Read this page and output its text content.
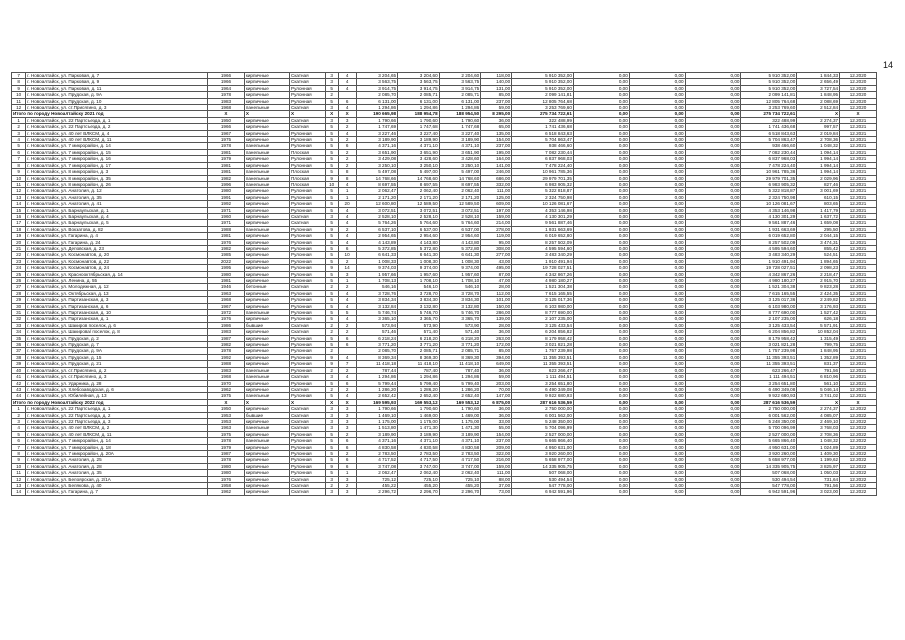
14
7	г. Новоалтайск, ул. Парковая, д. 7	1966	кирпичные	Скатная	3	4	3 204,65	3 204,60	2 204,60	118,00	5 910 352,00	0,00	0,00	0,00	5 910 352,00	1 844,33	12.2020
8	г. Новоалтайск, ул. Парковая, д. 9	1966	кирпичные	Скатная	3	4	3 563,75	3 563,75	3 563,75	140,00	5 910 352,00	0,00	0,00	0,00	5 910 352,00	2 656,49	12.2020
9	г. Новоалтайск, ул. Парковая, д. 11	1964	кирпичные	Рулонная	5	4	3 914,75	3 914,75	3 914,75	131,00	5 910 352,00	0,00	0,00	0,00	5 910 352,00	3 727,54	12.2020
10	г. Новоалтайск, ул. Прудская, д. 9А	1978	кирпичные	Рулонная	2		2 085,70	2 085,71	2 085,71	85,00	2 099 141,81	0,00	0,00	0,00	2 099 141,81	1 848,95	12.2020
11	г. Новоалтайск, ул. Прудская, д. 10	1983	кирпичные	Рулонная	5	6	6 131,00	6 131,00	6 131,00	237,00	12 805 764,68	0,00	0,00	0,00	12 805 764,68	2 088,69	12.2020
12	г. Новоалтайск, ул. ст.Присягино, д. 3	1968	панельные	Скатная	3	4	1 294,86	1 294,86	1 294,86	59,00	3 253 769,60	0,00	0,00	0,00	3 253 769,60	2 512,84	12.2020
Итого по городу Новоалтайску 2021 год		X	X	X	X	X	190 665,98	188 954,78	188 954,50	8 295,00	275 734 722,61	0,00	0,00	0,00	275 734 722,61	X	X
1	г. Новоалтайск, ул. 22 Партсъезда, д. 1	1950	кирпичные	Скатная	3	3	1 790,66	1 790,60	1 790,60	36,00	322 488,99	0,00	0,00	0,00	322 488,99	2 274,37	12.2021
2	г. Новоалтайск, ул. 22 Партсъезда, д. 2	1966	кирпичные	Скатная	5	2	1 747,69	1 747,68	1 747,68	65,00	1 741 436,68	0,00	0,00	0,00	1 741 436,68	997,57	12.2021
3	г. Новоалтайск, ул. 40 лет ВЛКСМ, д. 4	1967	кирпичные	Рулонная	5	4	3 227,46	3 227,40	3 227,40	135,00	6 518 843,63	0,00	0,00	0,00	6 518 843,63	2 019,84	12.2021
4	г. Новоалтайск, ул. 40 лет ВЛКСМ, д. 11	1975	кирпичные	Рулонная	5	2	3 189,90	3 189,90	3 189,90	154,00	5 704 863,47	0,00	0,00	0,00	5 704 863,47	2 708,36	12.2021
5	г. Новоалтайск, ул. 7 микрорайон, д. 14	1978	панельные	Рулонная	5	6	4 371,16	4 371,10	4 371,10	237,00	938 466,60	0,00	0,00	0,00	938 466,60	1 048,32	12.2021
6	г. Новоалтайск, ул. 7 микрорайон, д. 15	1981	панельные	Плоская	5	2	3 651,90	3 651,90	3 651,90	195,00	7 082 230,44	0,00	0,00	0,00	7 082 230,44	1 094,14	12.2021
7	г. Новоалтайск, ул. 7 микрорайон, д. 16	1979	кирпичные	Рулонная	5	2	3 429,08	3 428,60	3 428,60	164,00	6 837 968,03	0,00	0,00	0,00	6 837 968,03	1 994,14	12.2021
8	г. Новоалтайск, ул. 7 микрорайон, д. 17	1981	кирпичные	Рулонная	5	2	3 250,10	3 250,10	3 250,10	141,00	7 478 224,40	0,00	0,00	0,00	7 478 224,40	1 994,14	12.2021
9	г. Новоалтайск, ул. 8 микрорайон, д. 3	1981	панельные	Плоская	5	8	5 497,08	5 497,00	5 497,00	246,00	10 961 785,36	0,00	0,00	0,00	10 961 785,36	1 994,14	12.2021
10	г. Новоалтайск, ул. 8 микрорайон, д. 35	1982	панельные	Плоская	9	8	14 768,66	14 768,60	14 768,60	686,00	29 979 701,35	0,00	0,00	0,00	29 979 701,35	2 029,96	12.2021
11	г. Новоалтайск, ул. 8 микрорайон, д. 26	1996	панельные	Плоская	10	4	8 697,55	8 697,55	8 697,55	332,00	6 983 905,32	0,00	0,00	0,00	6 983 905,32	827,46	12.2021
12	г. Новоалтайск, ул. Анатолия, д. 12	1980	кирпичные	Рулонная	5	1	2 062,47	2 062,40	2 062,40	111,00	5 322 818,87	0,00	0,00	0,00	5 322 818,87	3 001,69	12.2021
13	г. Новоалтайск, ул. Анатолия, д. 35	1991	кирпичные	Рулонная	5	1	2 171,20	2 171,20	2 171,20	125,00	2 324 750,98	0,00	0,00	0,00	2 324 750,98	610,15	12.2021
14	г. Новоалтайск, ул. Анатолия, д. 41	1992	кирпичные	Рулонная	5	20	12 600,80	12 589,50	12 589,50	609,00	10 126 081,67	0,00	0,00	0,00	10 126 081,67	803,65	12.2021
15	г. Новоалтайск, ул. Барнаульская, д. 1	1971	кирпичные	Рулонная	5	4	3 072,51	3 072,51	3 072,51	197,00	4 353 146,98	0,00	0,00	0,00	4 353 146,98	1 417,79	12.2021
16	г. Новоалтайск, ул. Барнаульская, д. 4	1960	кирпичные	Скатная	3	4	2 528,10	2 528,10	2 528,10	159,00	4 130 301,29	0,00	0,00	0,00	4 130 301,29	1 637,72	12.2021
17	г. Новоалтайск, ул. Барнаульская, д. 5	1971	кирпичные	Скатная	5	4	5 764,26	5 764,60	5 764,60	214,00	9 561 887,46	0,00	0,00	0,00	9 561 887,46	1 659,08	12.2021
18	г. Новоалтайск, ул. Вокзатова, д. 82	1988	панельные	Рулонная	9	2	6 537,10	6 537,00	6 537,00	278,00	1 931 663,69	0,00	0,00	0,00	1 931 663,69	295,50	12.2021
19	г. Новоалтайск, ул. Гагарина, д. 4	1981	кирпичные	Рулонная	5	4	2 954,65	2 954,60	2 954,60	119,00	6 019 652,80	0,00	0,00	0,00	6 019 652,80	2 044,15	12.2021
20	г. Новоалтайск, ул. Гагарина, д. 24	1976	кирпичные	Рулонная	5	4	4 143,89	4 143,80	4 143,80	95,00	8 257 502,09	0,00	0,00	0,00	8 257 502,09	3 474,31	12.2021
21	г. Новоалтайск, ул. Деповская, д. 23	1982	кирпичные	Рулонная	5	6	5 372,85	5 372,80	5 372,80	308,00	4 595 594,60	0,00	0,00	0,00	4 595 594,60	855,42	12.2021
22	г. Новоалтайск, ул. Космонавтов, д. 20	1985	кирпичные	Рулонная	5	10	6 641,33	6 641,30	6 641,30	277,00	3 483 340,29	0,00	0,00	0,00	3 483 340,29	524,51	12.2021
23	г. Новоалтайск, ул. Космонавтов, д. 22	2022	кирпичные	Рулонная	5	2	1 008,33	1 008,30	1 008,30	43,00	1 910 491,94	0,00	0,00	0,00	1 910 491,94	1 894,65	12.2021
24	г. Новоалтайск, ул. Космонавтов, д. 24	1995	кирпичные	Рулонная	9	14	9 374,03	9 374,00	9 374,00	495,00	19 728 027,51	0,00	0,00	0,00	19 728 027,51	2 098,23	12.2021
25	г. Новоалтайск, ул. Краснооктябрьская, д. 14	1980	кирпичные	Рулонная	5	3	1 957,66	1 957,60	1 957,60	87,00	4 342 867,26	0,00	0,00	0,00	4 342 867,26	2 218,47	12.2021
26	г. Новоалтайск, ул. Ленина, д. 55	1981	кирпичные	Рулонная	5	1	1 708,13	1 708,10	1 708,10	47,00	4 980 180,27	0,00	0,00	0,00	4 980 180,27	2 915,70	12.2021
27	г. Новоалтайск, ул. Молодежная, д. 12	1946	бетонные	Скатная	2	2	546,16	546,10	546,10	28,00	1 521 304,38	0,00	0,00	0,00	1 521 304,38	9 823,28	12.2021
28	г. Новоалтайск, ул. Октябрьская, д. 13	1963	кирпичные	Рулонная	5	4	3 728,76	3 728,70	3 728,70	112,00	7 615 165,55	0,00	0,00	0,00	7 615 165,55	2 424,35	12.2021
29	г. Новоалтайск, ул. Партизанская, д. 3	1968	кирпичные	Рулонная	5	4	3 834,34	3 834,30	3 834,30	101,00	3 125 017,36	0,00	0,00	0,00	3 125 017,36	2 249,82	12.2021
30	г. Новоалтайск, ул. Партизанская, д. 6	1967	кирпичные	Рулонная	5	4	3 132,84	3 132,80	3 132,80	150,00	6 103 980,00	0,00	0,00	0,00	6 103 980,00	3 176,93	12.2021
31	г. Новоалтайск, ул. Партизанская, д. 10	1972	панельные	Рулонная	5	5	5 746,74	5 746,70	5 746,70	286,00	8 777 690,00	0,00	0,00	0,00	8 777 690,00	1 527,42	12.2021
32	г. Новоалтайск, ул. Партизанская, д. 1	1976	кирпичные	Рулонная	5	4	3 365,10	3 365,70	3 365,70	139,00	2 107 235,00	0,00	0,00	0,00	2 107 235,00	626,18	12.2021
33	г. Новоалтайск, ул. Шакиров поселок, д. 6	1986	бывшие	Скатная	2	2	573,94	573,90	573,90	28,00	3 125 433,54	0,00	0,00	0,00	3 125 433,54	5 571,91	12.2021
34	г. Новоалтайск, ул. Шакирова/ поселок, д. 8	1983	кирпичные	Скатная	2	2	571,46	571,40	571,40	36,00	6 204 856,82	0,00	0,00	0,00	6 204 856,82	10 852,04	12.2021
35	г. Новоалтайск, ул. Прудская, д. 2	1987	кирпичные	Рулонная	5	6	6 218,24	6 218,20	6 218,20	263,00	8 179 958,42	0,00	0,00	0,00	8 179 958,42	1 315,49	12.2021
36	г. Новоалтайск, ул. Прудская, д. 7	1982	кирпичные	Рулонная	5	6	3 771,20	3 771,20	3 771,20	172,00	3 021 821,28	0,00	0,00	0,00	3 021 821,28	799,75	12.2021
37	г. Новоалтайск, ул. Прудская, д. 9А	1978	кирпичные	Рулонная	2		2 085,70	2 085,71	2 085,71	85,00	1 757 239,98	0,00	0,00	0,00	1 757 239,98	1 848,95	12.2021
38	г. Новоалтайск, ул. Прудская, д. 15	1992	кирпичные	Рулонная	9	4	8 369,34	8 369,30	8 369,30	394,00	11 355 393,51	0,00	0,00	0,00	11 355 393,51	1 352,89	12.2021
39	г. Новоалтайск, ул. Прудская, д. 21	1988	кирпичные	Рулонная	9	7	11 418,18	11 418,10	11 418,10	649,00	11 355 393,51	0,00	0,00	0,00	11 355 393,51	831,37	12.2021
40	г. Новоалтайск, ул. ст.Присягино, д. 2	1983	панельные	Рулонная	2	2	787,44	787,40	787,40	36,00	623 266,47	0,00	0,00	0,00	623 266,47	791,56	12.2021
41	г. Новоалтайск, ул. ст.Присягино, д. 3	1968	панельные	Скатная	3	4	1 294,86	1 294,86	1 294,86	59,00	1 111 494,51	0,00	0,00	0,00	1 111 494,51	6 810,96	12.2021
42	г. Новоалтайск, ул. Ударника, д. 28	1970	кирпичные	Рулонная	5	6	5 799,44	5 799,40	5 799,40	203,00	3 254 651,80	0,00	0,00	0,00	3 254 651,80	561,10	12.2021
43	г. Новоалтайск, ул. Хлебозаводская, д. 6	1962	кирпичные	Скатная	2	2	1 286,20	1 286,20	1 286,20	70,00	6 490 349,08	0,00	0,00	0,00	6 490 349,08	5 046,14	12.2021
44	г. Новоалтайск, ул. Юбилейная, д. 13	1975	панельные	Рулонная	5	4	2 652,42	2 652,40	2 652,40	147,00	9 922 680,93	0,00	0,00	0,00	9 922 680,93	3 741,02	12.2021
Итого по городу Новоалтайску 2022 год		X	X	X	X	X	169 595,93	169 553,12	169 553,12	6 875,00	287 616 536,59	0,00	0,00	0,00	287 616 536,59	X	X
1	г. Новоалтайск, ул. 22 Партсъезда, д. 1	1950	кирпичные	Скатная	3	3	1 790,66	1 790,60	1 790,60	36,00	2 750 000,00	0,00	0,00	0,00	2 750 000,00	2 274,37	12.2022
2	г. Новоалтайск, ул. 22 Партсъезда, д. 2	1953	бывшие	Скатная	3	3	1 469,10	1 469,00	1 469,00	36,00	6 001 562,00	0,00	0,00	0,00	6 001 562,00	4 085,07	12.2022
3	г. Новоалтайск, ул. 22 Партсъезда, д. 3	1953	кирпичные	Скатная	3	3	1 175,00	1 175,00	1 175,00	33,00	5 248 350,00	0,00	0,00	0,00	5 248 350,00	2 469,10	12.2022
4	г. Новоалтайск, ул. 40 лет ВЛКСМ, д. 2	1963	панельные	Скатная	3	3	1 513,80	1 471,30	1 471,30	55,00	5 704 096,99	0,00	0,00	0,00	5 700 096,99	3 768,03	12.2022
5	г. Новоалтайск, ул. 40 лет ВЛКСМ, д. 11	1975	кирпичные	Рулонная	5	2	3 189,90	3 189,90	3 189,90	154,00	2 527 000,00	0,00	0,00	0,00	2 527 000,00	2 708,36	12.2022
6	г. Новоалтайск, ул. 7 микрорайон, д. 14	1978	панельные	Рулонная	5	6	4 371,16	4 371,10	4 371,10	237,00	5 665 866,40	0,00	0,00	0,00	5 665 866,40	1 048,32	12.2022
7	г. Новоалтайск, ул. 7 микрорайон, д. 18	1979	кирпичные	Рулонная	5	6	4 830,58	4 830,58	4 830,58	209,00	4 950 631,00	0,00	0,00	0,00	4 950 631,00	1 024,89	12.2022
8	г. Новоалтайск, ул. 7 микрорайон, д. 20А	1987	кирпичные	Рулонная	5	2	2 783,50	2 783,50	2 783,50	322,00	3 920 260,00	0,00	0,00	0,00	3 920 260,00	1 409,30	12.2022
9	г. Новоалтайск, ул. Анатолия, д. 25	1978	кирпичные	Рулонная	5	6	4 717,52	4 717,50	4 717,50	216,00	5 658 977,00	0,00	0,00	0,00	5 658 977,00	1 199,62	12.2022
10	г. Новоалтайск, ул. Анатолия, д. 28	1980	кирпичные	Рулонная	9	6	3 747,08	3 747,00	3 747,00	159,00	14 335 905,75	0,00	0,00	0,00	14 335 905,75	3 825,97	12.2022
11	г. Новоалтайск, ул. Анатолия, д. 35	1980	кирпичные	Рулонная	5	1	2 062,47	2 062,40	2 062,40	111,00	507 068,00	0,00	0,00	0,00	507 068,00	1 050,03	12.2022
12	г. Новоалтайск, ул. Белоярская, д. 2/1А	1976	кирпичные	Скатная	3	3	725,12	725,10	725,10	88,00	530 494,54	0,00	0,00	0,00	530 494,54	731,64	12.2022
13	г. Новоалтайск, ул. Белякова, д. 40	1958	кирпичные	Скатная	2	2	455,22	455,20	455,20	37,00	547 778,00	0,00	0,00	0,00	547 778,00	791,56	12.2022
14	г. Новоалтайск, ул. Гагарина, д. 7	1962	кирпичные	Скатная	3	3	2 296,72	2 296,70	2 296,70	73,00	6 942 591,96	0,00	0,00	0,00	6 942 591,96	3 023,00	12.2022
